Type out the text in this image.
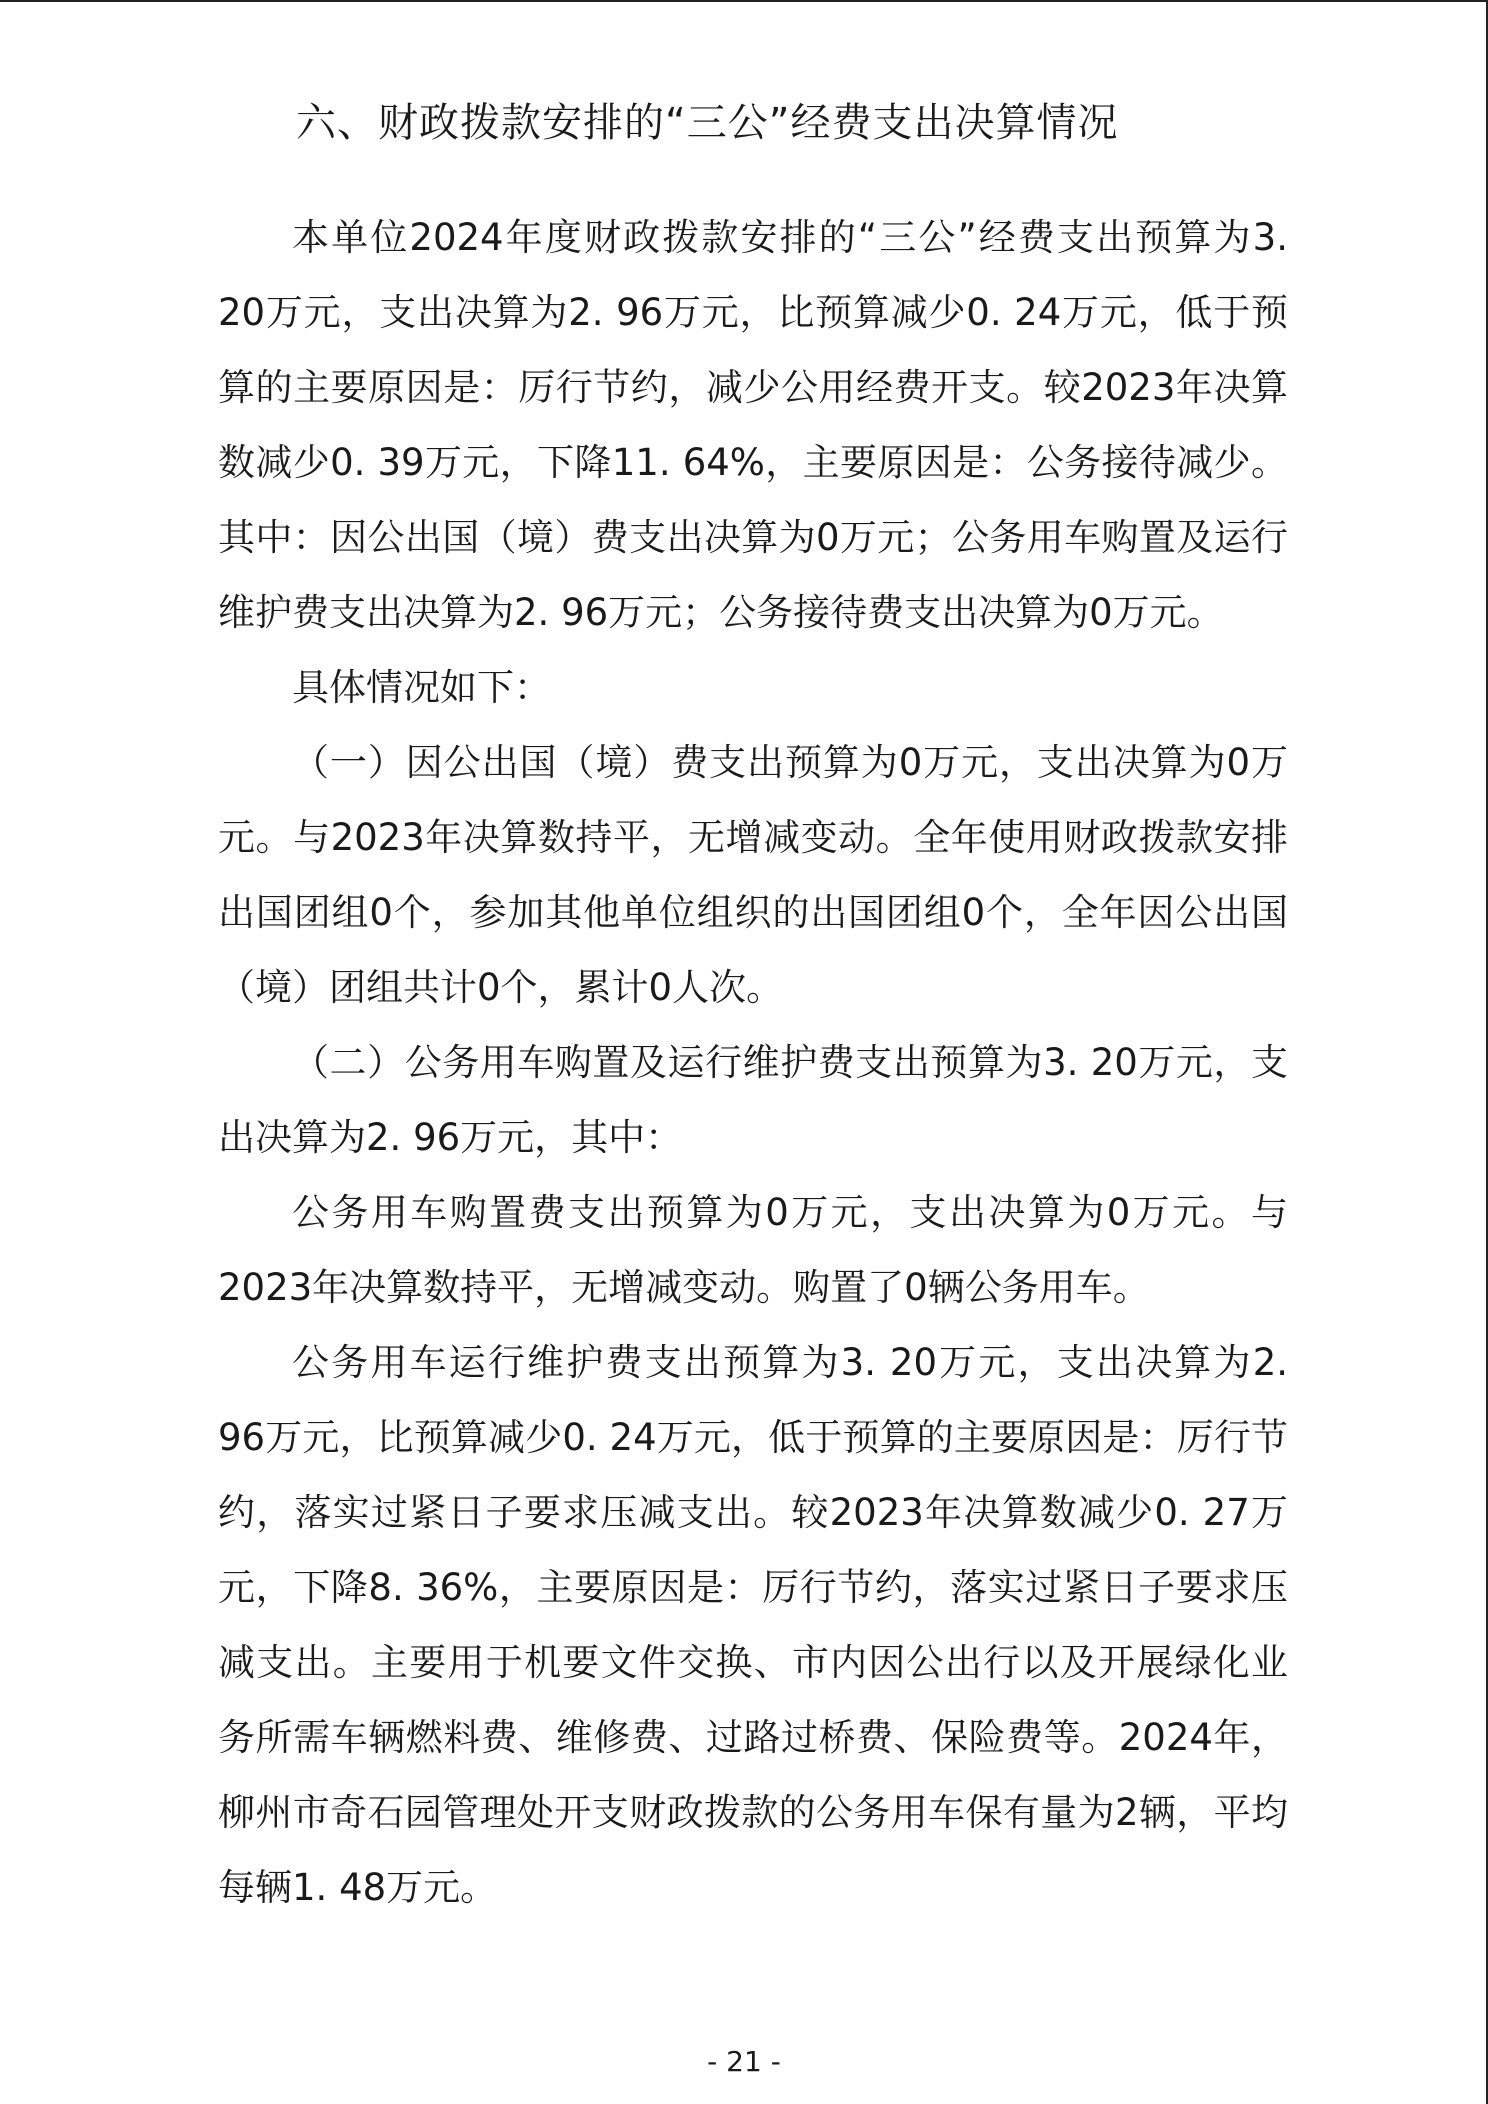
六、财政拨款安排的“三公”经费支出决算情况

本单位2024年度财政拨款安排的“三公”经费支出预算为3. 20万元，支出决算为2. 96万元，比预算减少0. 24万元，低于预算的主要原因是：厉行节约，减少公用经费开支。较2023年决算数减少0. 39万元，下降11. 64%，主要原因是：公务接待减少。其中：因公出国（境）费支出决算为0万元；公务用车购置及运行维护费支出决算为2. 96万元；公务接待费支出决算为0万元。

具体情况如下：

（一）因公出国（境）费支出预算为0万元，支出决算为0万元。与2023年决算数持平，无增减变动。全年使用财政拨款安排出国团组0个，参加其他单位组织的出国团组0个，全年因公出国（境）团组共计0个，累计0人次。

（二）公务用车购置及运行维护费支出预算为3. 20万元，支出决算为2. 96万元，其中：

公务用车购置费支出预算为0万元，支出决算为0万元。与2023年决算数持平，无增减变动。购置了0辆公务用车。

公务用车运行维护费支出预算为3. 20万元，支出决算为2. 96万元，比预算减少0. 24万元，低于预算的主要原因是：厉行节约，落实过紧日子要求压减支出。较2023年决算数减少0. 27万元，下降8. 36%，主要原因是：厉行节约，落实过紧日子要求压减支出。主要用于机要文件交换、市内因公出行以及开展绿化业务所需车辆燃料费、维修费、过路过桥费、保险费等。2024年，柳州市奇石园管理处开支财政拨款的公务用车保有量为2辆，平均每辆1. 48万元。

- 21 -
